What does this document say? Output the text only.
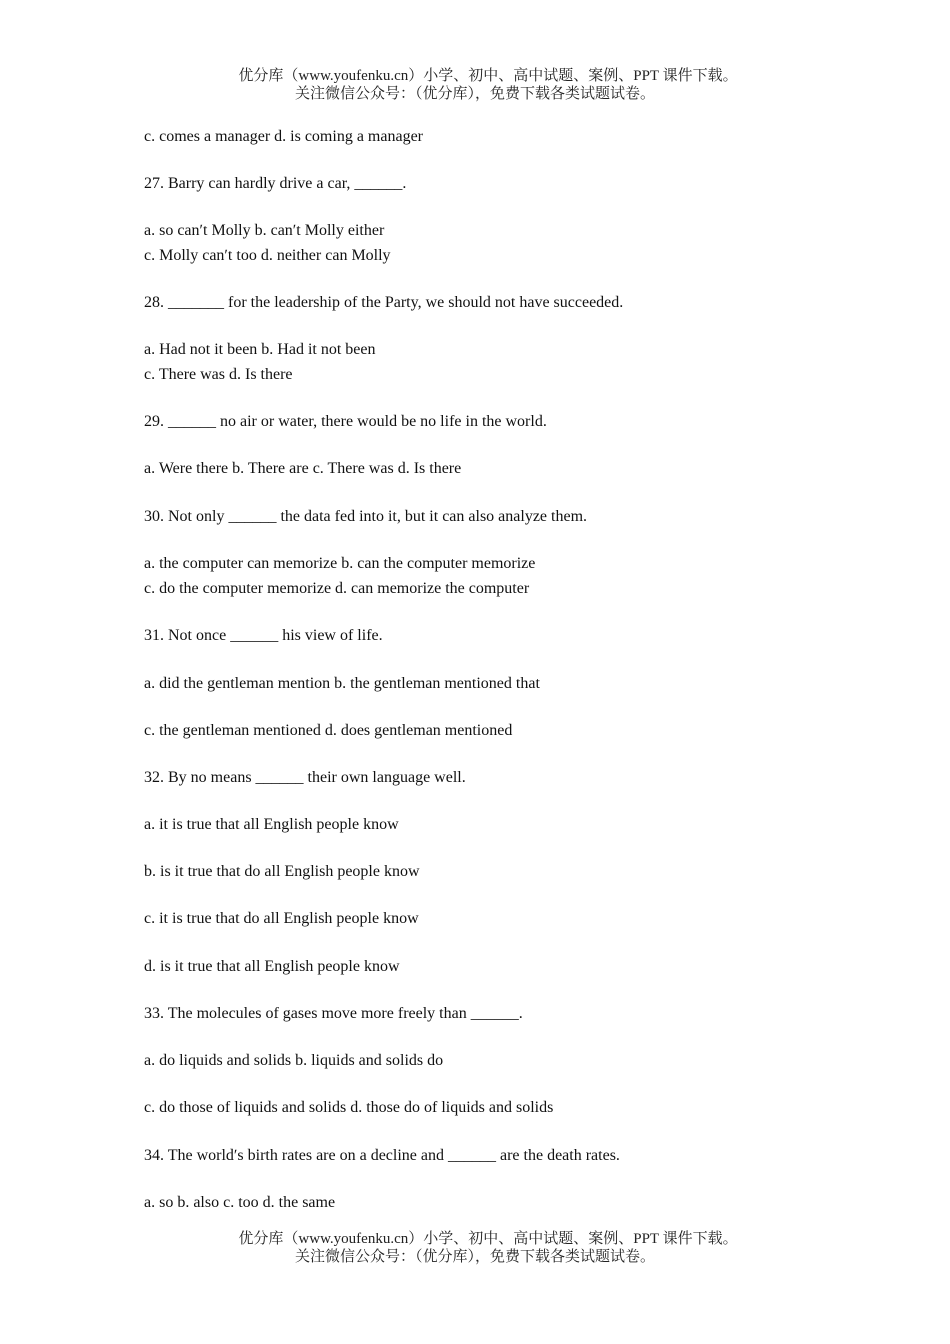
优分库（www.youfenku.cn）小学、初中、高中试题、案例、PPT 课件下载。
关注微信公众号：（优分库），免费下载各类试题试卷。
c. comes a manager d. is coming a manager
27. Barry can hardly drive a car, ______.
a. so canʹt Molly b. canʹt Molly either
c. Molly canʹt too d. neither can Molly
28. _______ for the leadership of the Party, we should not have succeeded.
a. Had not it been b. Had it not been
c. There was d. Is there
29. ______ no air or water, there would be no life in the world.
a. Were there b. There are c. There was d. Is there
30. Not only ______ the data fed into it, but it can also analyze them.
a. the computer can memorize b. can the computer memorize
c. do the computer memorize d. can memorize the computer
31. Not once ______ his view of life.
a. did the gentleman mention b. the gentleman mentioned that
c. the gentleman mentioned d. does gentleman mentioned
32. By no means ______ their own language well.
a. it is true that all English people know
b. is it true that do all English people know
c. it is true that do all English people know
d. is it true that all English people know
33. The molecules of gases move more freely than ______.
a. do liquids and solids b. liquids and solids do
c. do those of liquids and solids d. those do of liquids and solids
34. The worldʹs birth rates are on a decline and ______ are the death rates.
a. so b. also c. too d. the same
优分库（www.youfenku.cn）小学、初中、高中试题、案例、PPT 课件下载。
关注微信公众号：（优分库），免费下载各类试题试卷。
